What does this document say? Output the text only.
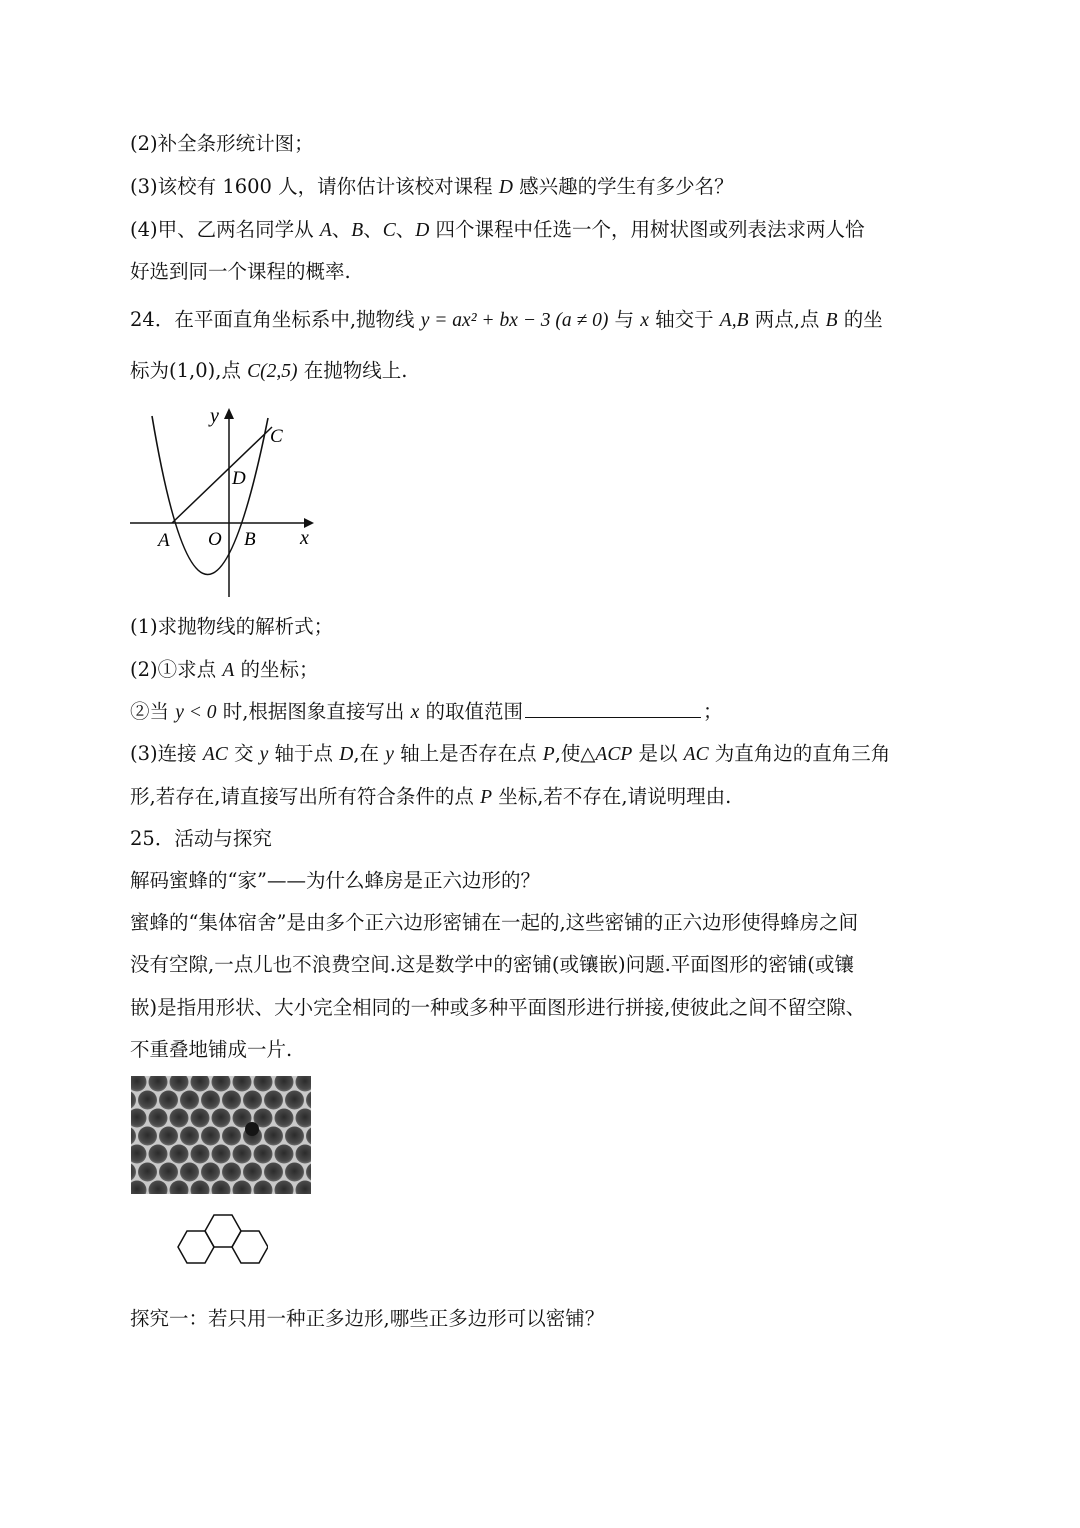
(2)补全条形统计图；
(3)该校有 1600 人，请你估计该校对课程 D 感兴趣的学生有多少名？
(4)甲、乙两名同学从 A、B、C、D 四个课程中任选一个，用树状图或列表法求两人恰
好选到同一个课程的概率.
24．在平面直角坐标系中,抛物线 y = ax² + bx − 3 (a ≠ 0) 与 x 轴交于 A,B 两点,点 B 的坐
标为(1,0),点 C(2,5) 在抛物线上.
y
x
A O B
C
D
(1)求抛物线的解析式；
(2)①求点 A 的坐标；
②当 y < 0 时,根据图象直接写出 x 的取值范围	；
(3)连接 AC 交 y 轴于点 D,在 y 轴上是否存在点 P,使△ACP 是以 AC 为直角边的直角三角
形,若存在,请直接写出所有符合条件的点 P 坐标,若不存在,请说明理由.
25．活动与探究
解码蜜蜂的“家”——为什么蜂房是正六边形的？
蜜蜂的“集体宿舍”是由多个正六边形密铺在一起的,这些密铺的正六边形使得蜂房之间
没有空隙,一点儿也不浪费空间.这是数学中的密铺(或镶嵌)问题.平面图形的密铺(或镶
嵌)是指用形状、大小完全相同的一种或多种平面图形进行拼接,使彼此之间不留空隙、
不重叠地铺成一片.
探究一：若只用一种正多边形,哪些正多边形可以密铺？
